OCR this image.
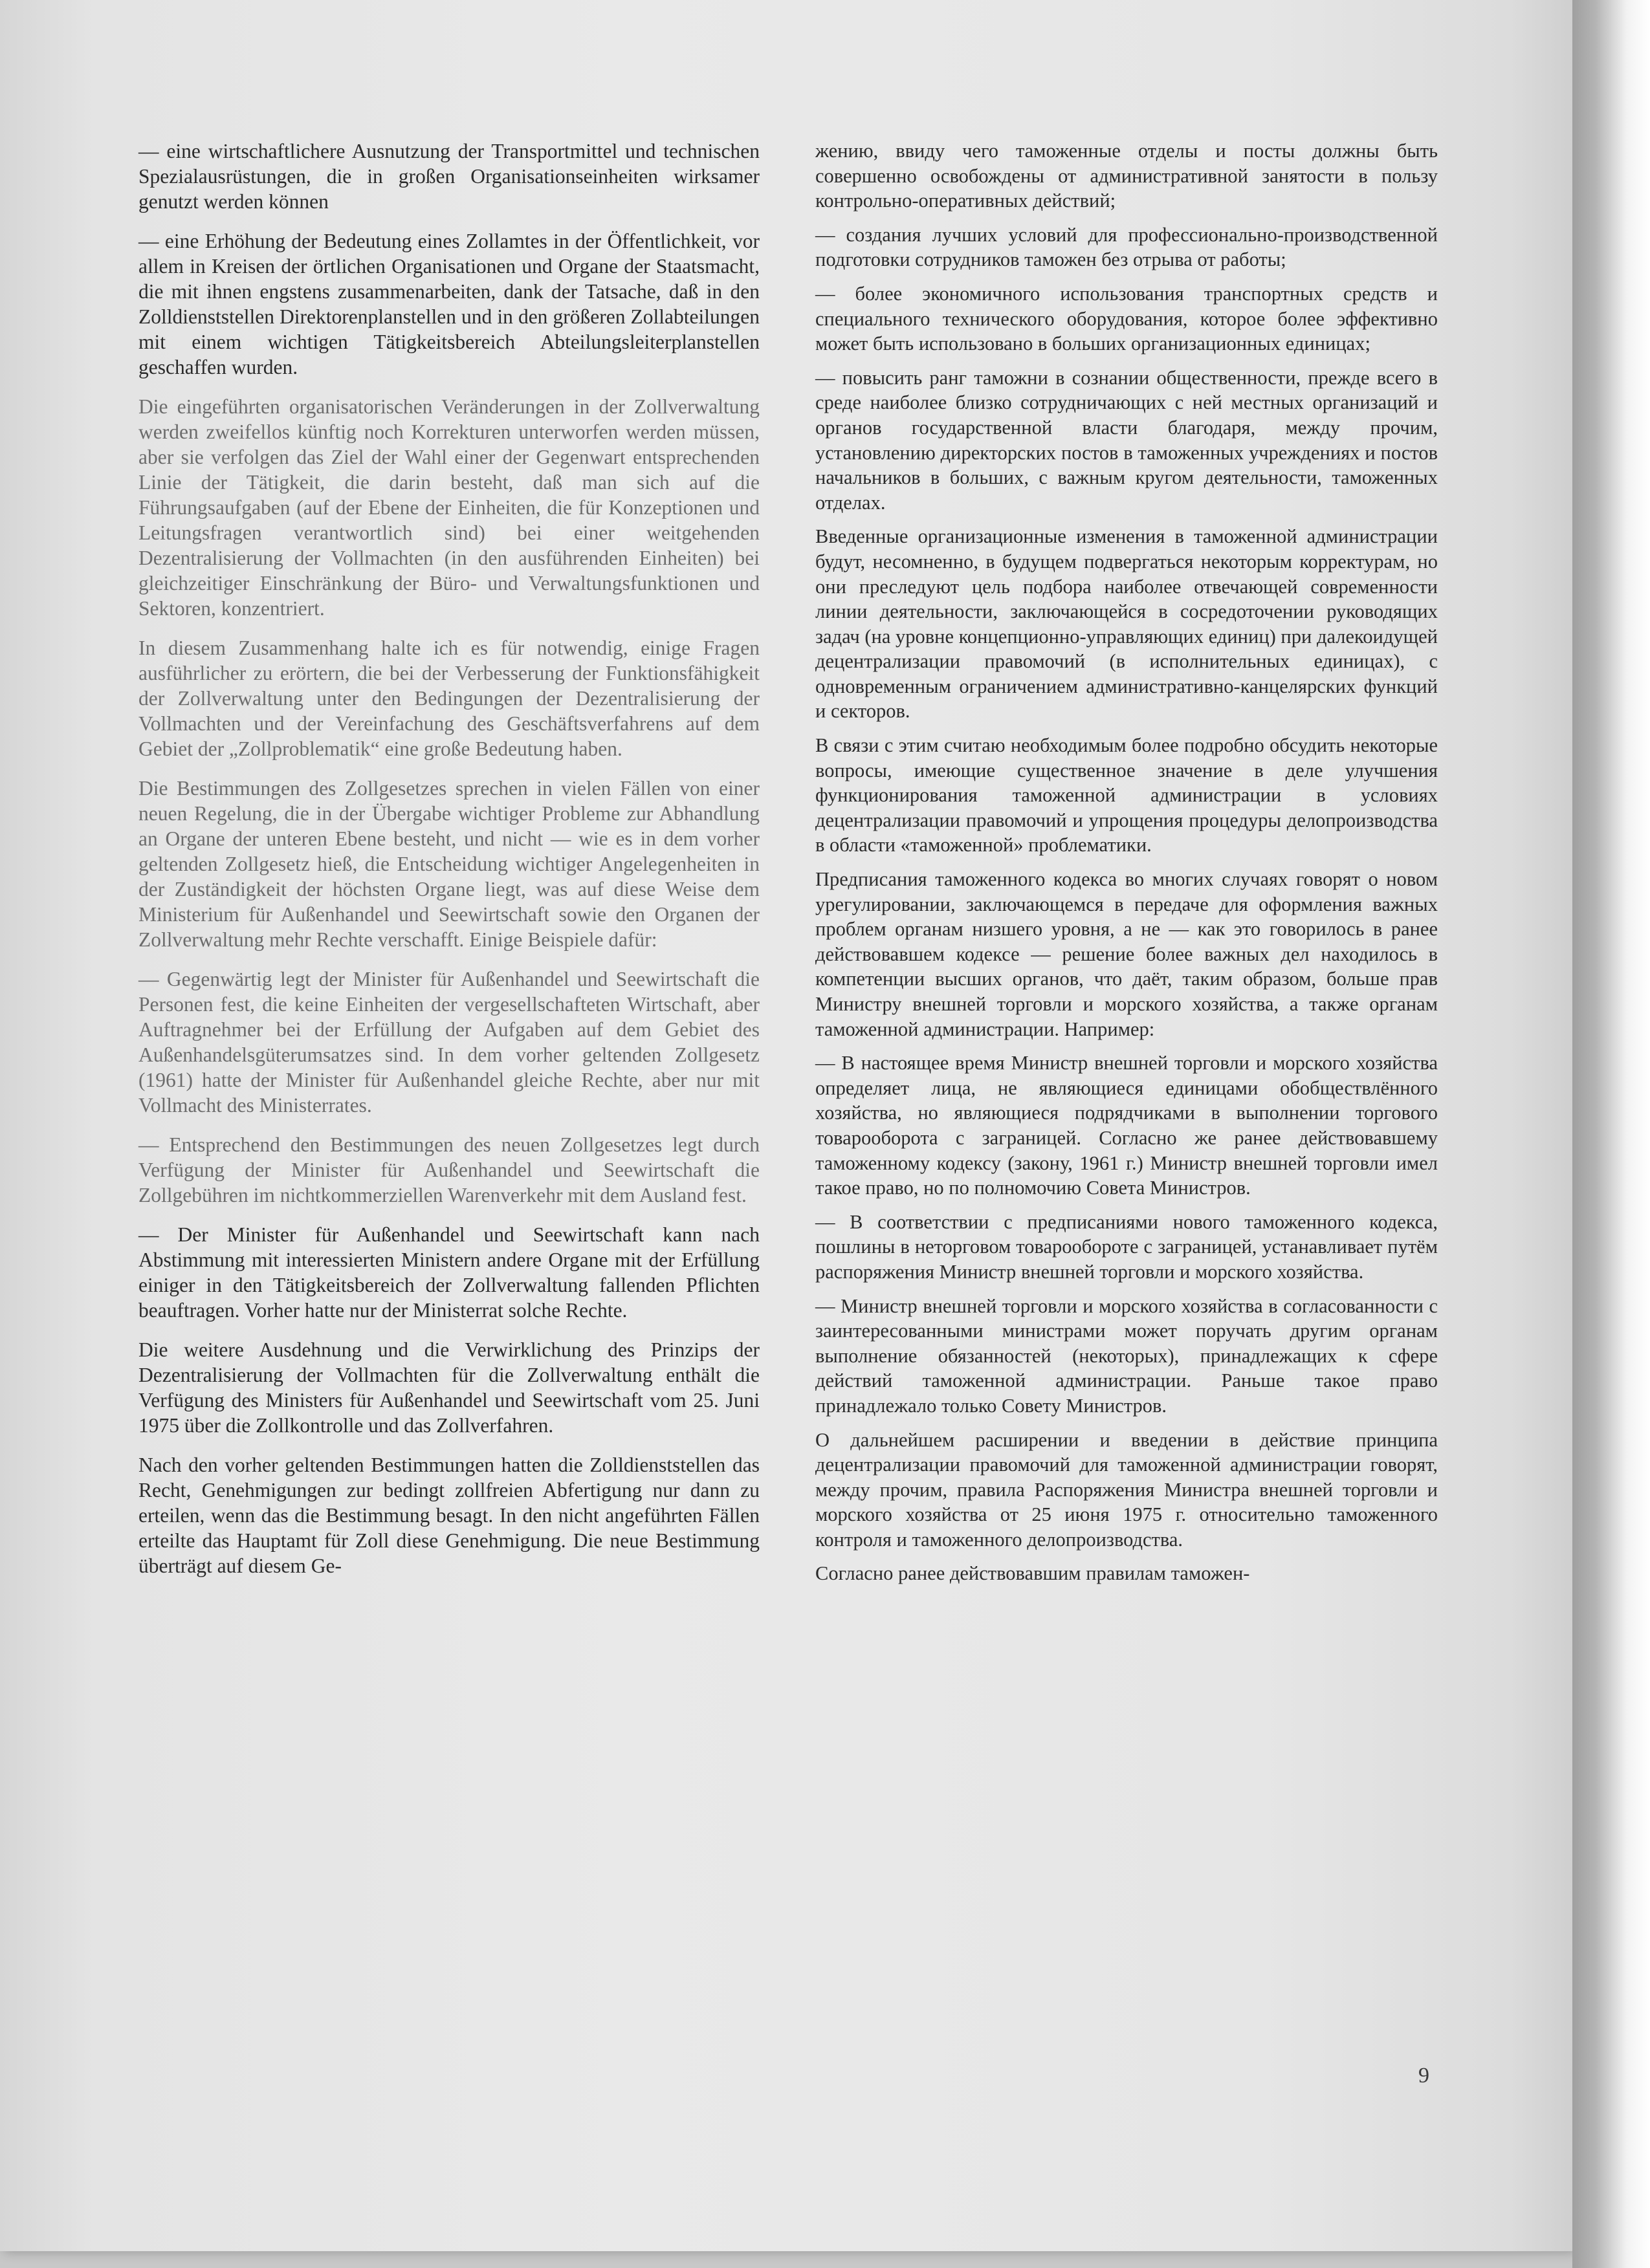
— eine wirtschaftlichere Ausnutzung der Transportmittel und technischen Spezialausrüstungen, die in großen Organisationseinheiten wirksamer genutzt werden können

— eine Erhöhung der Bedeutung eines Zollamtes in der Öffentlichkeit, vor allem in Kreisen der örtlichen Organisationen und Organe der Staatsmacht, die mit ihnen engstens zusammenarbeiten, dank der Tatsache, daß in den Zolldienststellen Direktorenplanstellen und in den größeren Zollabteilungen mit einem wichtigen Tätigkeitsbereich Abteilungsleiterplanstellen geschaffen wurden.

Die eingeführten organisatorischen Veränderungen in der Zollverwaltung werden zweifellos künftig noch Korrekturen unterworfen werden müssen, aber sie verfolgen das Ziel der Wahl einer der Gegenwart entsprechenden Linie der Tätigkeit, die darin besteht, daß man sich auf die Führungsaufgaben (auf der Ebene der Einheiten, die für Konzeptionen und Leitungsfragen verantwortlich sind) bei einer weitgehenden Dezentralisierung der Vollmachten (in den ausführenden Einheiten) bei gleichzeitiger Einschränkung der Büro- und Verwaltungsfunktionen und Sektoren, konzentriert.

In diesem Zusammenhang halte ich es für notwendig, einige Fragen ausführlicher zu erörtern, die bei der Verbesserung der Funktionsfähigkeit der Zollverwaltung unter den Bedingungen der Dezentralisierung der Vollmachten und der Vereinfachung des Geschäftsverfahrens auf dem Gebiet der „Zollproblematik“ eine große Bedeutung haben.

Die Bestimmungen des Zollgesetzes sprechen in vielen Fällen von einer neuen Regelung, die in der Übergabe wichtiger Probleme zur Abhandlung an Organe der unteren Ebene besteht, und nicht — wie es in dem vorher geltenden Zollgesetz hieß, die Entscheidung wichtiger Angelegenheiten in der Zuständigkeit der höchsten Organe liegt, was auf diese Weise dem Ministerium für Außenhandel und Seewirtschaft sowie den Organen der Zollverwaltung mehr Rechte verschafft. Einige Beispiele dafür:

— Gegenwärtig legt der Minister für Außenhandel und Seewirtschaft die Personen fest, die keine Einheiten der vergesellschafteten Wirtschaft, aber Auftragnehmer bei der Erfüllung der Aufgaben auf dem Gebiet des Außenhandelsgüterumsatzes sind. In dem vorher geltenden Zollgesetz (1961) hatte der Minister für Außenhandel gleiche Rechte, aber nur mit Vollmacht des Ministerrates.

— Entsprechend den Bestimmungen des neuen Zollgesetzes legt durch Verfügung der Minister für Außenhandel und Seewirtschaft die Zollgebühren im nichtkommerziellen Warenverkehr mit dem Ausland fest.

— Der Minister für Außenhandel und Seewirtschaft kann nach Abstimmung mit interessierten Ministern andere Organe mit der Erfüllung einiger in den Tätigkeitsbereich der Zollverwaltung fallenden Pflichten beauftragen. Vorher hatte nur der Ministerrat solche Rechte.

Die weitere Ausdehnung und die Verwirklichung des Prinzips der Dezentralisierung der Vollmachten für die Zollverwaltung enthält die Verfügung des Ministers für Außenhandel und Seewirtschaft vom 25. Juni 1975 über die Zollkontrolle und das Zollverfahren.

Nach den vorher geltenden Bestimmungen hatten die Zolldienststellen das Recht, Genehmigungen zur bedingt zollfreien Abfertigung nur dann zu erteilen, wenn das die Bestimmung besagt. In den nicht angeführten Fällen erteilte das Hauptamt für Zoll diese Genehmigung. Die neue Bestimmung überträgt auf diesem Ge-

жению, ввиду чего таможенные отделы и посты должны быть совершенно освобождены от административной занятости в пользу контрольно-оперативных действий;

— создания лучших условий для профессионально-производственной подготовки сотрудников таможен без отрыва от работы;

— более экономичного использования транспортных средств и специального технического оборудования, которое более эффективно может быть использовано в больших организационных единицах;

— повысить ранг таможни в сознании общественности, прежде всего в среде наиболее близко сотрудничающих с ней местных организаций и органов государственной власти благодаря, между прочим, установлению директорских постов в таможенных учреждениях и постов начальников в больших, с важным кругом деятельности, таможенных отделах.

Введенные организационные изменения в таможенной администрации будут, несомненно, в будущем подвергаться некоторым корректурам, но они преследуют цель подбора наиболее отвечающей современности линии деятельности, заключающейся в сосредоточении руководящих задач (на уровне концепционно-управляющих единиц) при далекоидущей децентрализации правомочий (в исполнительных единицах), с одновременным ограничением административно-канцелярских функций и секторов.

В связи с этим считаю необходимым более подробно обсудить некоторые вопросы, имеющие существенное значение в деле улучшения функционирования таможенной администрации в условиях децентрализации правомочий и упрощения процедуры делопроизводства в области «таможенной» проблематики.

Предписания таможенного кодекса во многих случаях говорят о новом урегулировании, заключающемся в передаче для оформления важных проблем органам низшего уровня, а не — как это говорилось в ранее действовавшем кодексе — решение более важных дел находилось в компетенции высших органов, что даёт, таким образом, больше прав Министру внешней торговли и морского хозяйства, а также органам таможенной администрации. Например:

— В настоящее время Министр внешней торговли и морского хозяйства определяет лица, не являющиеся единицами обобществлённого хозяйства, но являющиеся подрядчиками в выполнении торгового товарооборота с заграницей. Согласно же ранее действовавшему таможенному кодексу (закону, 1961 г.) Министр внешней торговли имел такое право, но по полномочию Совета Министров.

— В соответствии с предписаниями нового таможенного кодекса, пошлины в неторговом товарообороте с заграницей, устанавливает путём распоряжения Министр внешней торговли и морского хозяйства.

— Министр внешней торговли и морского хозяйства в согласованности с заинтересованными министрами может поручать другим органам выполнение обязанностей (некоторых), принадлежащих к сфере действий таможенной администрации. Раньше такое право принадлежало только Совету Министров.

О дальнейшем расширении и введении в действие принципа децентрализации правомочий для таможенной администрации говорят, между прочим, правила Распоряжения Министра внешней торговли и морского хозяйства от 25 июня 1975 г. относительно таможенного контроля и таможенного делопроизводства.

Согласно ранее действовавшим правилам таможен-

9
